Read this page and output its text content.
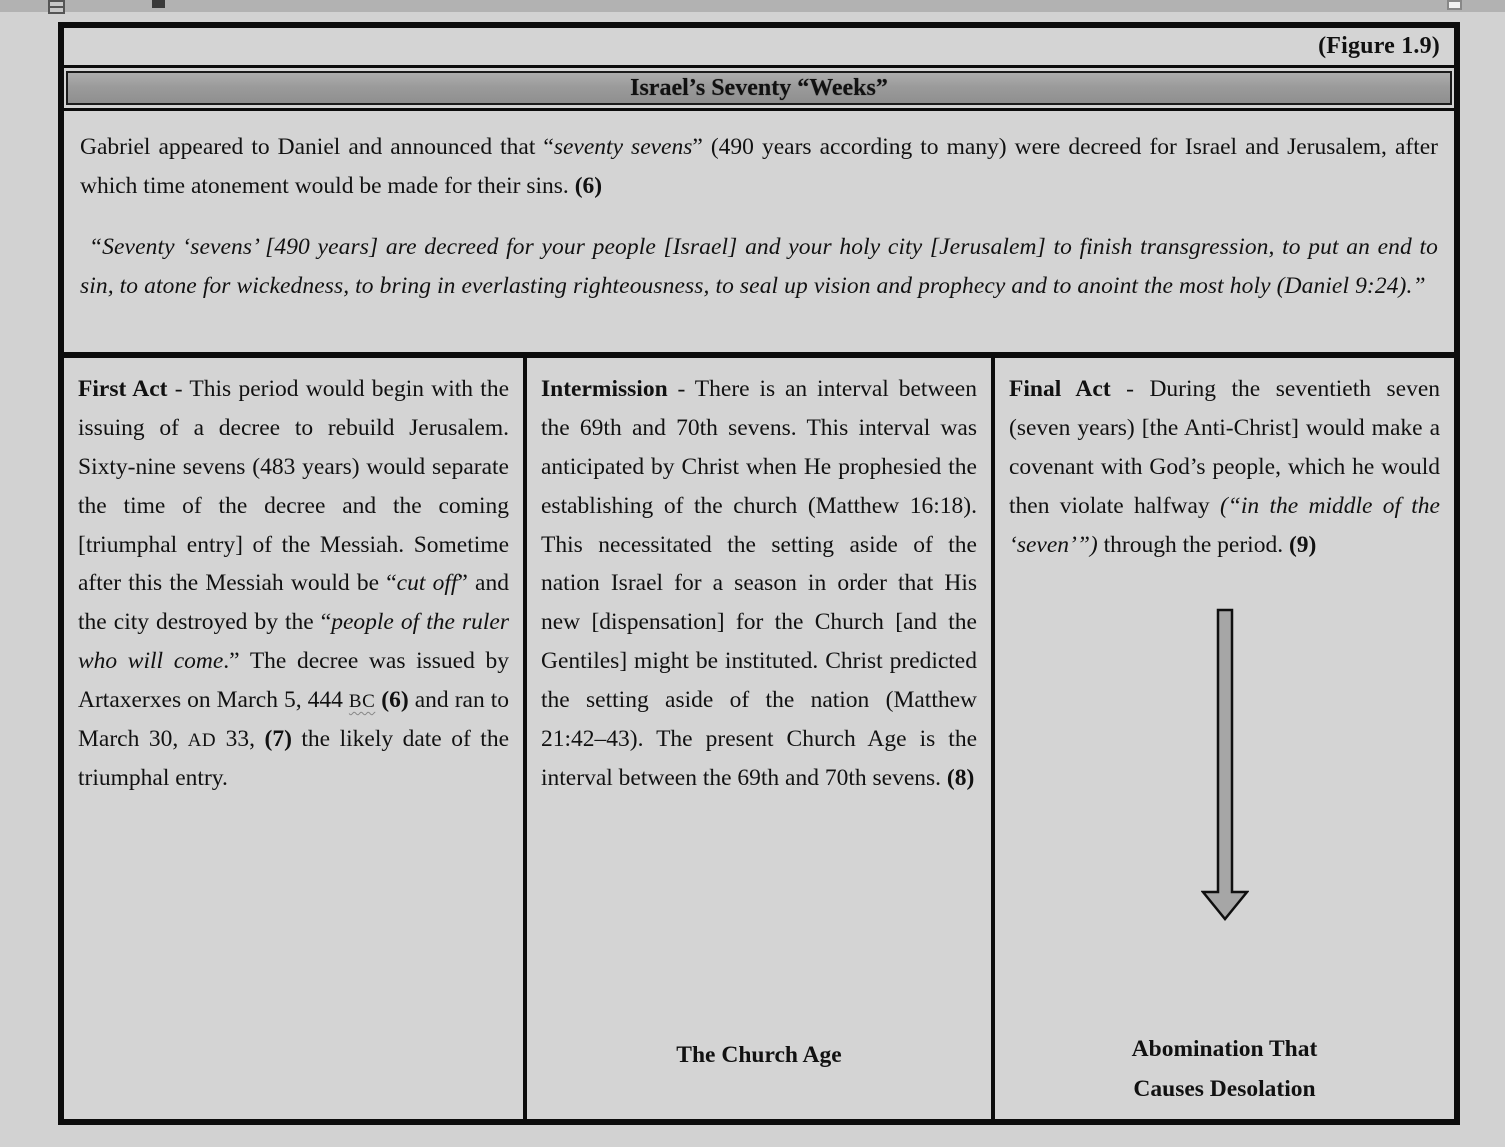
(Figure 1.9)
Israel’s Seventy “Weeks”

Gabriel appeared to Daniel and announced that “seventy sevens” (490 years according to many) were decreed for Israel and Jerusalem, after which time atonement would be made for their sins. (6)

“Seventy ‘sevens’ [490 years] are decreed for your people [Israel] and your holy city [Jerusalem] to finish transgression, to put an end to sin, to atone for wickedness, to bring in everlasting righteousness, to seal up vision and prophecy and to anoint the most holy (Daniel 9:24).”

First Act - This period would begin with the issuing of a decree to rebuild Jerusalem. Sixty-nine sevens (483 years) would separate the time of the decree and the coming [triumphal entry] of the Messiah. Sometime after this the Messiah would be “cut off” and the city destroyed by the “people of the ruler who will come.” The decree was issued by Artaxerxes on March 5, 444 BC (6) and ran to March 30, AD 33, (7) the likely date of the triumphal entry.

Intermission - There is an interval between the 69th and 70th sevens. This interval was anticipated by Christ when He prophesied the establishing of the church (Matthew 16:18). This necessitated the setting aside of the nation Israel for a season in order that His new [dispensation] for the Church [and the Gentiles] might be instituted. Christ predicted the setting aside of the nation (Matthew 21:42–43). The present Church Age is the interval between the 69th and 70th sevens. (8)

The Church Age

Final Act - During the seventieth seven (seven years) [the Anti-Christ] would make a covenant with God’s people, which he would then violate halfway (“in the middle of the ‘seven’”) through the period. (9)

Abomination That
Causes Desolation
